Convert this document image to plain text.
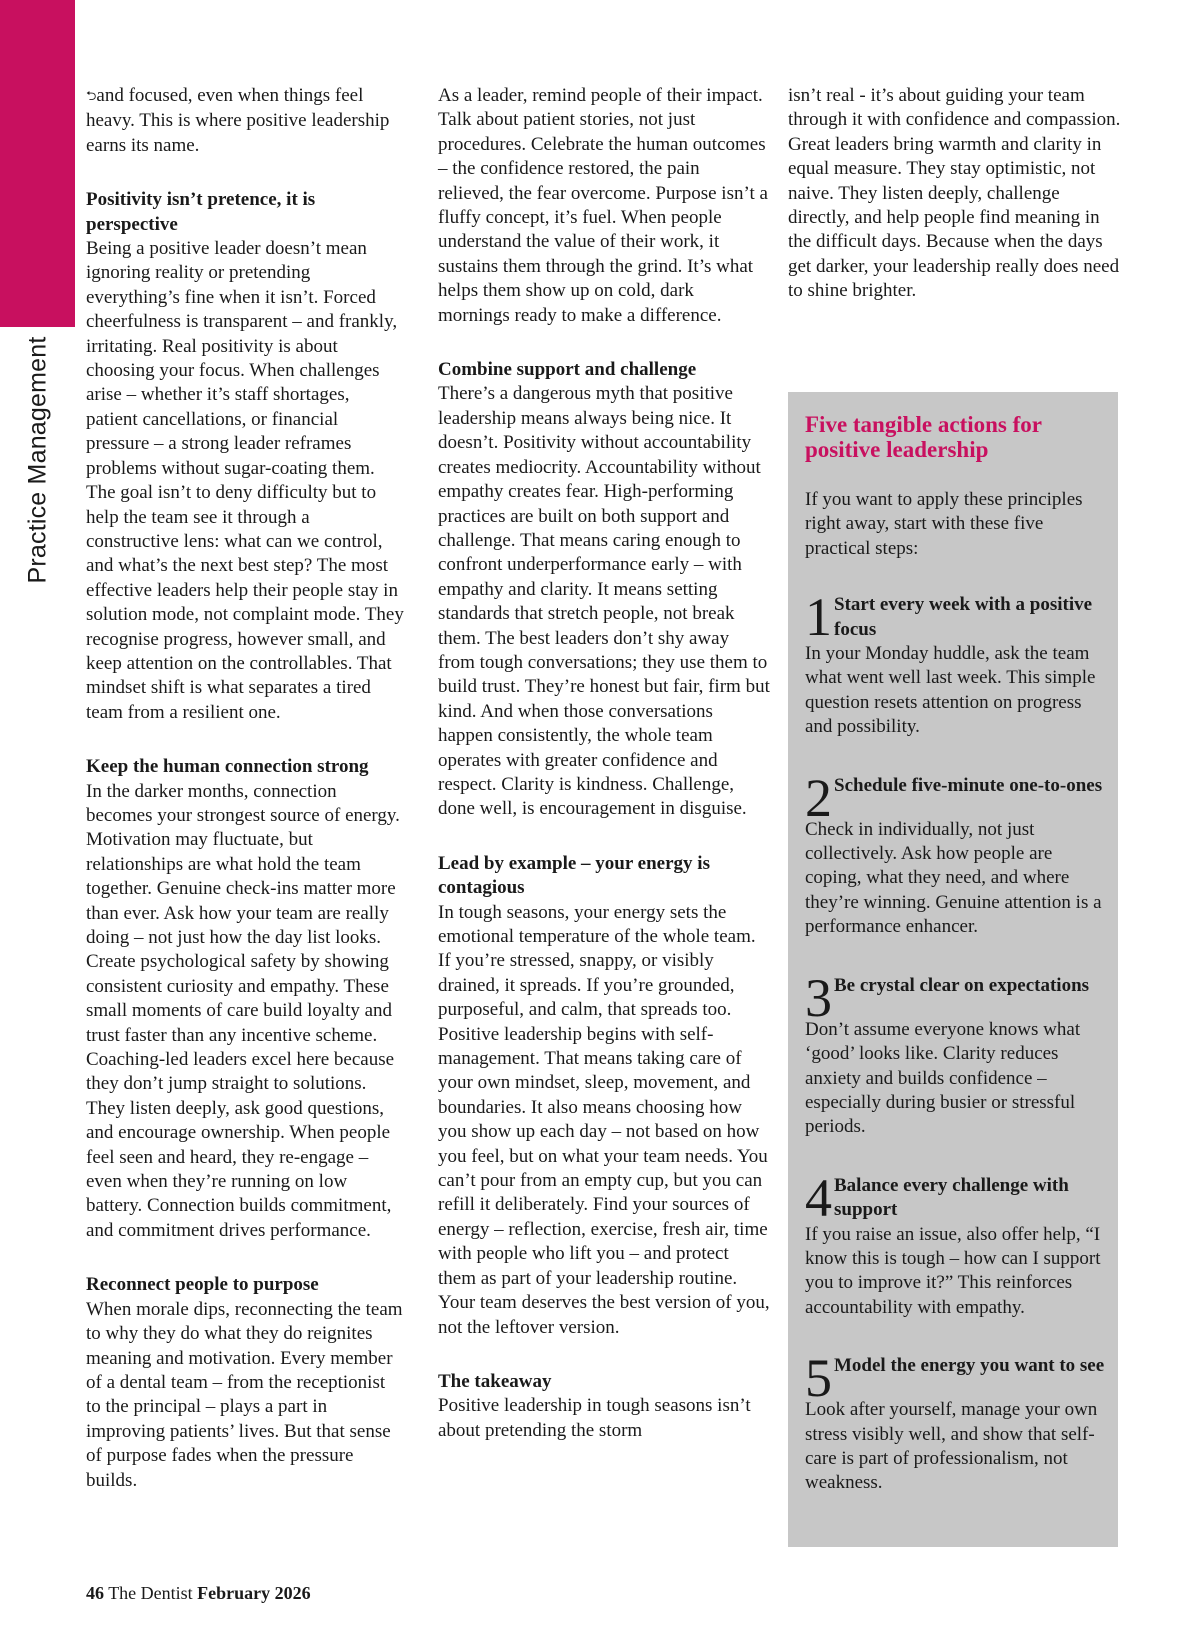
Practice Management

⮌and focused, even when things feel heavy. This is where positive leadership earns its name.

Positivity isn’t pretence, it is perspective

Being a positive leader doesn’t mean ignoring reality or pretending everything’s fine when it isn’t. Forced cheerfulness is transparent – and frankly, irritating. Real positivity is about choosing your focus. When challenges arise – whether it’s staff shortages, patient cancellations, or financial pressure – a strong leader reframes problems without sugar-coating them. The goal isn’t to deny difficulty but to help the team see it through a constructive lens: what can we control, and what’s the next best step? The most effective leaders help their people stay in solution mode, not complaint mode. They recognise progress, however small, and keep attention on the controllables. That mindset shift is what separates a tired team from a resilient one.

Keep the human connection strong

In the darker months, connection becomes your strongest source of energy. Motivation may fluctuate, but relationships are what hold the team together. Genuine check-ins matter more than ever. Ask how your team are really doing – not just how the day list looks. Create psychological safety by showing consistent curiosity and empathy. These small moments of care build loyalty and trust faster than any incentive scheme. Coaching-led leaders excel here because they don’t jump straight to solutions. They listen deeply, ask good questions, and encourage ownership. When people feel seen and heard, they re-engage – even when they’re running on low battery. Connection builds commitment, and commitment drives performance.

Reconnect people to purpose

When morale dips, reconnecting the team to why they do what they do reignites meaning and motivation. Every member of a dental team – from the receptionist to the principal – plays a part in improving patients’ lives. But that sense of purpose fades when the pressure builds.

As a leader, remind people of their impact. Talk about patient stories, not just procedures. Celebrate the human outcomes – the confidence restored, the pain relieved, the fear overcome. Purpose isn’t a fluffy concept, it’s fuel. When people understand the value of their work, it sustains them through the grind. It’s what helps them show up on cold, dark mornings ready to make a difference.

Combine support and challenge

There’s a dangerous myth that positive leadership means always being nice. It doesn’t. Positivity without accountability creates mediocrity. Accountability without empathy creates fear. High-performing practices are built on both support and challenge. That means caring enough to confront underperformance early – with empathy and clarity. It means setting standards that stretch people, not break them. The best leaders don’t shy away from tough conversations; they use them to build trust. They’re honest but fair, firm but kind. And when those conversations happen consistently, the whole team operates with greater confidence and respect. Clarity is kindness. Challenge, done well, is encouragement in disguise.

Lead by example – your energy is contagious

In tough seasons, your energy sets the emotional temperature of the whole team. If you’re stressed, snappy, or visibly drained, it spreads. If you’re grounded, purposeful, and calm, that spreads too. Positive leadership begins with self-management. That means taking care of your own mindset, sleep, movement, and boundaries. It also means choosing how you show up each day – not based on how you feel, but on what your team needs. You can’t pour from an empty cup, but you can refill it deliberately. Find your sources of energy – reflection, exercise, fresh air, time with people who lift you – and protect them as part of your leadership routine. Your team deserves the best version of you, not the leftover version.

The takeaway

Positive leadership in tough seasons isn’t about pretending the storm

isn’t real - it’s about guiding your team through it with confidence and compassion. Great leaders bring warmth and clarity in equal measure. They stay optimistic, not naive. They listen deeply, challenge directly, and help people find meaning in the difficult days. Because when the days get darker, your leadership really does need to shine brighter.

Five tangible actions for positive leadership

If you want to apply these principles right away, start with these five practical steps:

1 Start every week with a positive focus

In your Monday huddle, ask the team what went well last week. This simple question resets attention on progress and possibility.

2 Schedule five-minute one-to-ones

Check in individually, not just collectively. Ask how people are coping, what they need, and where they’re winning. Genuine attention is a performance enhancer.

3 Be crystal clear on expectations

Don’t assume everyone knows what ‘good’ looks like. Clarity reduces anxiety and builds confidence – especially during busier or stressful periods.

4 Balance every challenge with support

If you raise an issue, also offer help, “I know this is tough – how can I support you to improve it?” This reinforces accountability with empathy.

5 Model the energy you want to see

Look after yourself, manage your own stress visibly well, and show that self-care is part of professionalism, not weakness.

46 The Dentist February 2026
